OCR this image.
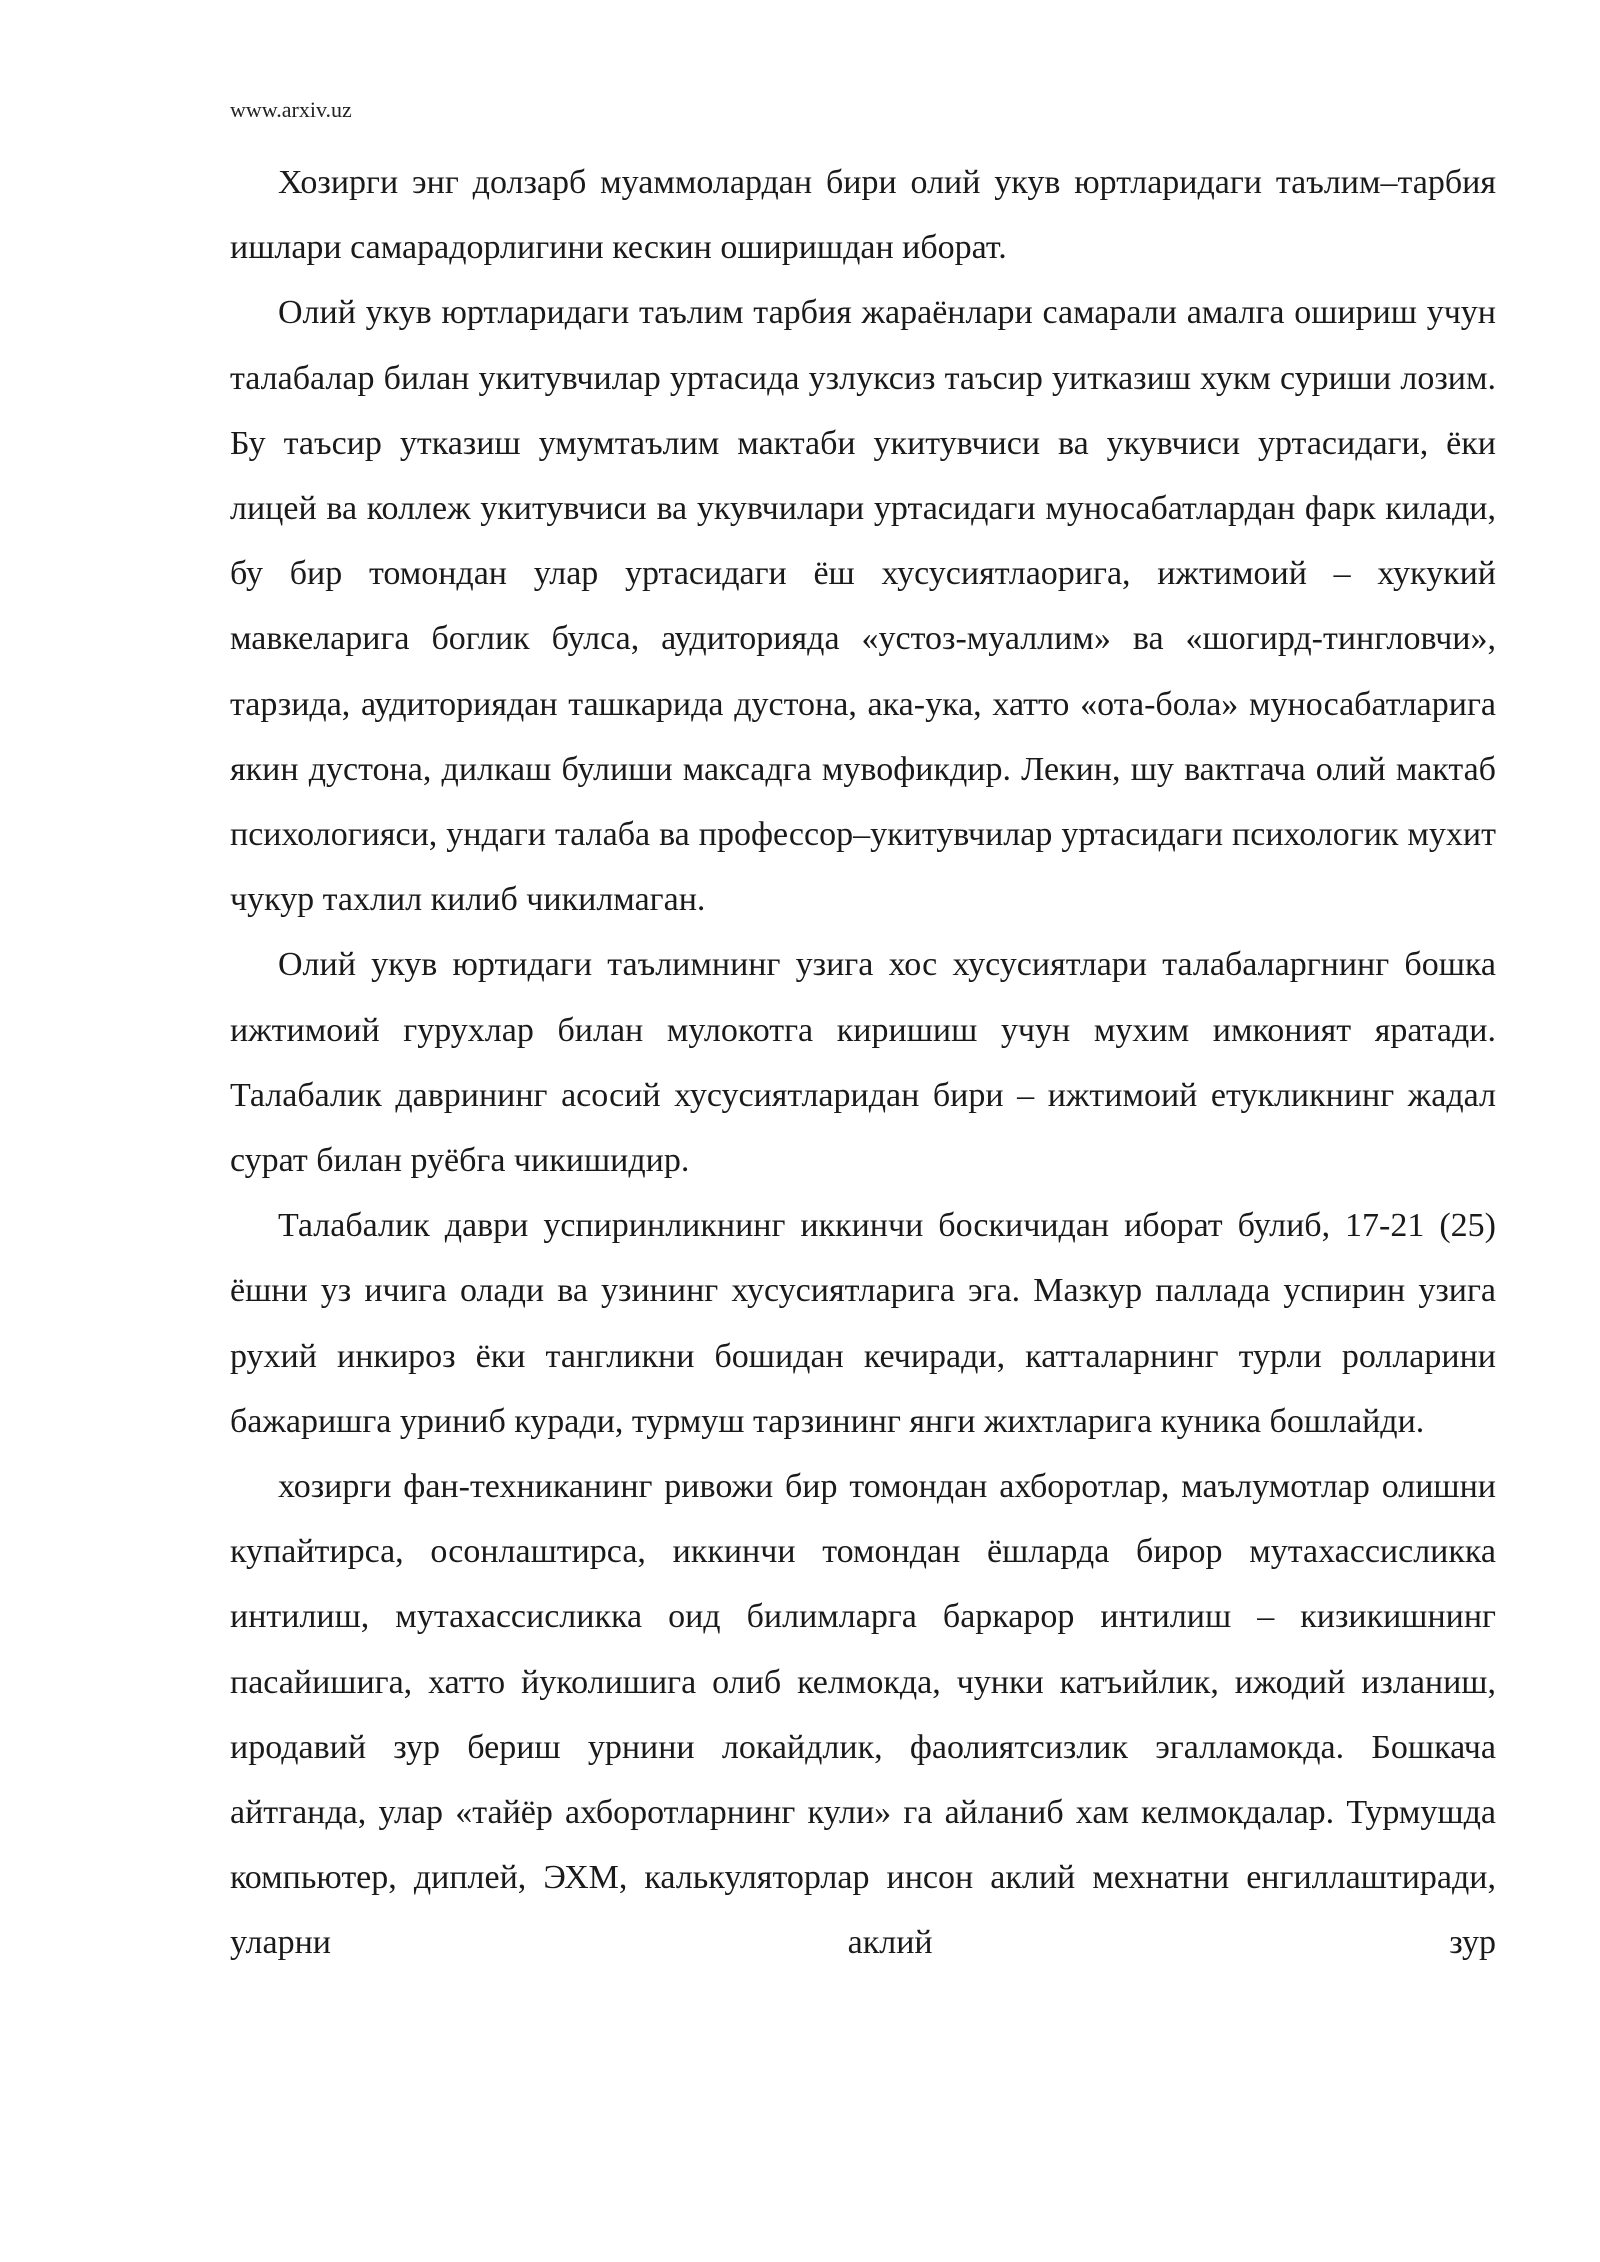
www.arxiv.uz

Хозирги энг долзарб муаммолардан бири олий укув юртларидаги таълим–тарбия ишлари самарадорлигини кескин оширишдан иборат.

Олий укув юртларидаги таълим тарбия жараёнлари самарали амалга ошириш учун талабалар билан укитувчилар уртасида узлуксиз таъсир уитказиш хукм суриши лозим. Бу таъсир утказиш умумтаълим мактаби укитувчиси ва укувчиси уртасидаги, ёки лицей ва коллеж укитувчиси ва укувчилари уртасидаги муносабатлардан фарк килади, бу бир томондан улар уртасидаги ёш хусусиятлаорига, ижтимоий – хукукий мавкеларига боглик булса, аудиторияда «устоз-муаллим» ва «шогирд-тингловчи», тарзида, аудиториядан ташкарида дустона, ака-ука, хатто «ота-бола» муносабатларига якин дустона, дилкаш булиши максадга мувофикдир. Лекин, шу вактгача олий мактаб психологияси, ундаги талаба ва профессор–укитувчилар уртасидаги психологик мухит чукур тахлил килиб чикилмаган.

Олий укув юртидаги таълимнинг узига хос хусусиятлари талабаларгнинг бошка ижтимоий гурухлар билан мулокотга киришиш учун мухим имконият яратади. Талабалик даврининг асосий хусусиятларидан бири – ижтимоий етукликнинг жадал сурат билан руёбга чикишидир.

Талабалик даври успиринликнинг иккинчи боскичидан иборат булиб, 17-21 (25) ёшни уз ичига олади ва узининг хусусиятларига эга. Мазкур паллада успирин узига рухий инкироз ёки тангликни бошидан кечиради, катталарнинг турли ролларини бажаришга уриниб куради, турмуш тарзининг янги жихтларига куника бошлайди.

хозирги фан-техниканинг ривожи бир томондан ахборотлар, маълумотлар олишни купайтирса, осонлаштирса, иккинчи томондан ёшларда бирор мутахассисликка интилиш, мутахассисликка оид билимларга баркарор интилиш – кизикишнинг пасайишига, хатто йуколишига олиб келмокда, чунки катъийлик, ижодий изланиш, иродавий зур бериш урнини локайдлик, фаолиятсизлик эгалламокда. Бошкача айтганда, улар «тайёр ахборотларнинг кули» га айланиб хам келмокдалар. Турмушда компьютер, диплей, ЭХМ, калькуляторлар инсон аклий мехнатни енгиллаштиради, уларни аклий зур
